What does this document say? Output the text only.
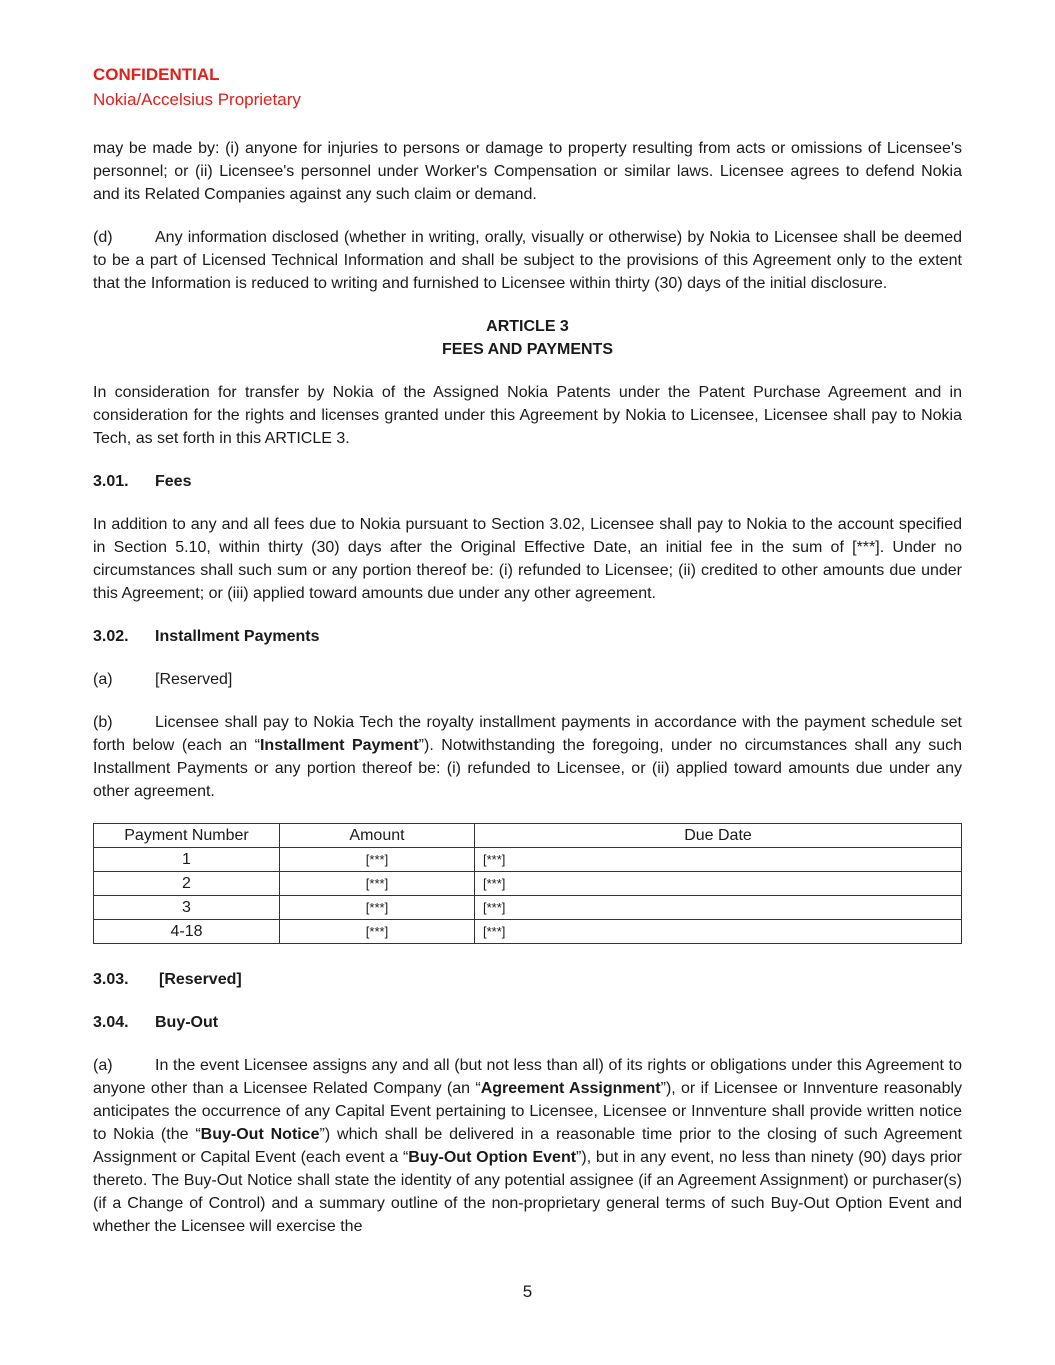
CONFIDENTIAL
Nokia/Accelsius Proprietary

may be made by: (i) anyone for injuries to persons or damage to property resulting from acts or omissions of Licensee's personnel; or (ii) Licensee's personnel under Worker's Compensation or similar laws. Licensee agrees to defend Nokia and its Related Companies against any such claim or demand.

(d)	Any information disclosed (whether in writing, orally, visually or otherwise) by Nokia to Licensee shall be deemed to be a part of Licensed Technical Information and shall be subject to the provisions of this Agreement only to the extent that the Information is reduced to writing and furnished to Licensee within thirty (30) days of the initial disclosure.

ARTICLE 3
FEES AND PAYMENTS

In consideration for transfer by Nokia of the Assigned Nokia Patents under the Patent Purchase Agreement and in consideration for the rights and licenses granted under this Agreement by Nokia to Licensee, Licensee shall pay to Nokia Tech, as set forth in this ARTICLE 3.

3.01. Fees

In addition to any and all fees due to Nokia pursuant to Section 3.02, Licensee shall pay to Nokia to the account specified in Section 5.10, within thirty (30) days after the Original Effective Date, an initial fee in the sum of [***]. Under no circumstances shall such sum or any portion thereof be: (i) refunded to Licensee; (ii) credited to other amounts due under this Agreement; or (iii) applied toward amounts due under any other agreement.

3.02. Installment Payments

(a)	[Reserved]

(b)	Licensee shall pay to Nokia Tech the royalty installment payments in accordance with the payment schedule set forth below (each an “Installment Payment”). Notwithstanding the foregoing, under no circumstances shall any such Installment Payments or any portion thereof be: (i) refunded to Licensee, or (ii) applied toward amounts due under any other agreement.

Payment Number	Amount	Due Date
1	[***]	[***]
2	[***]	[***]
3	[***]	[***]
4-18	[***]	[***]
3.03. [Reserved]
3.04. Buy-Out

(a)	In the event Licensee assigns any and all (but not less than all) of its rights or obligations under this Agreement to anyone other than a Licensee Related Company (an “Agreement Assignment”), or if Licensee or Innventure reasonably anticipates the occurrence of any Capital Event pertaining to Licensee, Licensee or Innventure shall provide written notice to Nokia (the “Buy-Out Notice”) which shall be delivered in a reasonable time prior to the closing of such Agreement Assignment or Capital Event (each event a “Buy-Out Option Event”), but in any event, no less than ninety (90) days prior thereto. The Buy-Out Notice shall state the identity of any potential assignee (if an Agreement Assignment) or purchaser(s) (if a Change of Control) and a summary outline of the non-proprietary general terms of such Buy-Out Option Event and whether the Licensee will exercise the

5
